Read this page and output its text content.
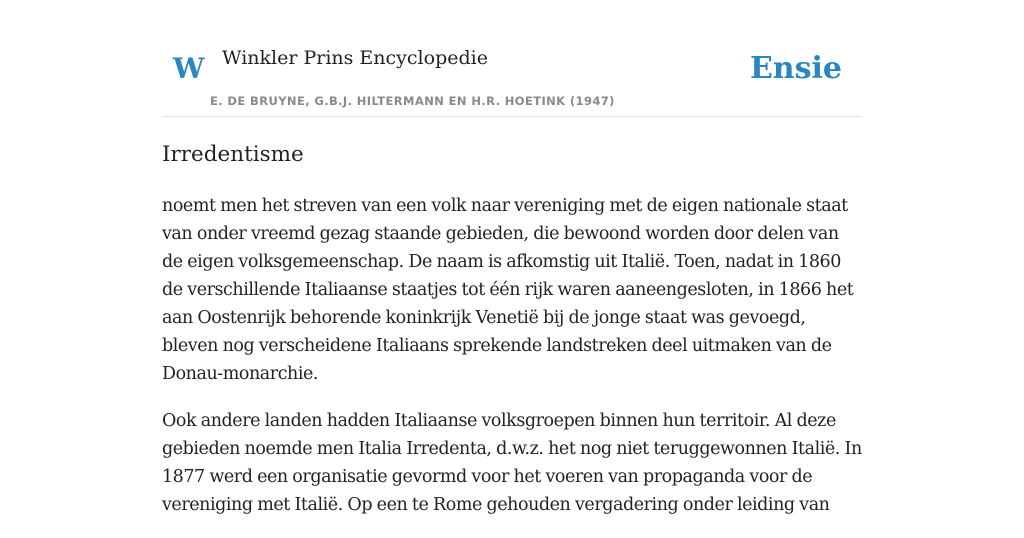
W Winkler Prins Encyclopedie
E. DE BRUYNE, G.B.J. HILTERMANN EN H.R. HOETINK (1947)
Ensie
Irredentisme

noemt men het streven van een volk naar vereniging met de eigen nationale staat van onder vreemd gezag staande gebieden, die bewoond worden door delen van de eigen volksgemeenschap. De naam is afkomstig uit Italië. Toen, nadat in 1860 de verschillende Italiaanse staatjes tot één rijk waren aaneengesloten, in 1866 het aan Oostenrijk behorende koninkrijk Venetië bij de jonge staat was gevoegd, bleven nog verscheidene Italiaans sprekende landstreken deel uitmaken van de Donau-monarchie.

Ook andere landen hadden Italiaanse volksgroepen binnen hun territoir. Al deze gebieden noemde men Italia Irredenta, d.w.z. het nog niet teruggewonnen Italië. In 1877 werd een organisatie gevormd voor het voeren van propaganda voor de vereniging met Italië. Op een te Rome gehouden vergadering onder leiding van
